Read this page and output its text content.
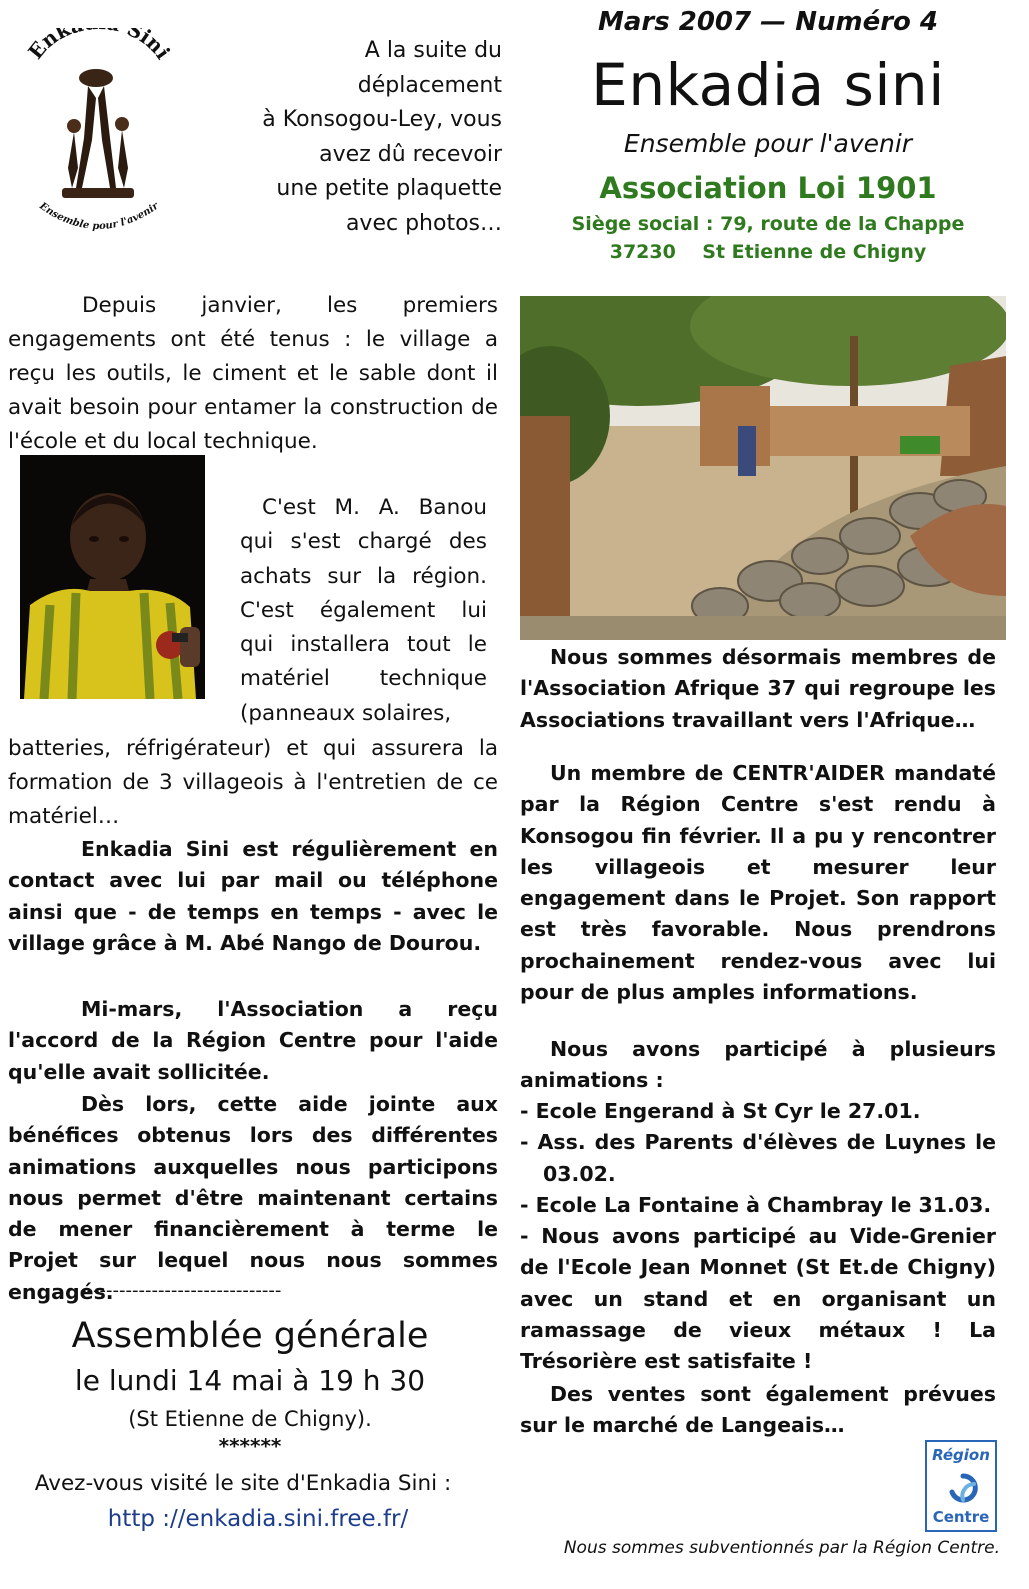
Enk Sini
Ensemble pour l'avenir
A la suite du
déplacement
à Konsogou-Ley, vous
avez dû recevoir
une petite plaquette
avec photos…
Mars 2007 — Numéro 4
Enkadia sini
Ensemble pour l'avenir
Association Loi 1901
Siège social : 79, route de la Chappe
37230    St Etienne de Chigny
Depuis janvier, les premiers engagements ont été tenus : le village a reçu les outils, le ciment et le sable dont il avait besoin pour entamer la construction de l'école et du local technique.
C'est M. A. Banou qui s'est chargé des achats sur la région. C'est également lui qui installera tout le matériel technique (panneaux solaires,
batteries, réfrigérateur) et qui assurera la formation de 3 villageois à l'entretien de ce matériel…
Enkadia Sini est régulièrement en contact avec lui par mail ou téléphone ainsi que - de temps en temps - avec le village grâce à M. Abé Nango de Dourou.
Mi-mars, l'Association a reçu l'accord de la Région Centre pour l'aide qu'elle avait sollicitée.
Dès lors, cette aide jointe aux bénéfices obtenus lors des différentes animations auxquelles nous participons nous permet d'être maintenant certains de mener financièrement à terme le Projet sur lequel nous nous sommes engagés.
-------------------------------
Assemblée générale
le lundi 14 mai à 19 h 30
(St Etienne de Chigny).
******
Avez-vous visité le site d'Enkadia Sini :
http ://enkadia.sini.free.fr/
Nous sommes désormais membres de l'Association Afrique 37 qui regroupe les Associations travaillant vers l'Afrique…
Un membre de CENTR'AIDER mandaté par la Région Centre s'est rendu à Konsogou fin février. Il a pu y rencontrer les villageois et mesurer leur engagement dans le Projet. Son rapport est très favorable. Nous prendrons prochainement rendez-vous avec lui pour de plus amples informations.
Nous avons participé à plusieurs animations :
- Ecole Engerand à St Cyr le 27.01.
- Ass. des Parents d'élèves de Luynes le 03.02.
- Ecole La Fontaine à Chambray le 31.03.
- Nous avons participé au Vide-Grenier de l'Ecole Jean Monnet (St Et.de Chigny) avec un stand et en organisant un ramassage de vieux métaux ! La Trésorière est satisfaite !
Des ventes sont également prévues sur le marché de Langeais…
Région
Centre
Nous sommes subventionnés par la Région Centre.
